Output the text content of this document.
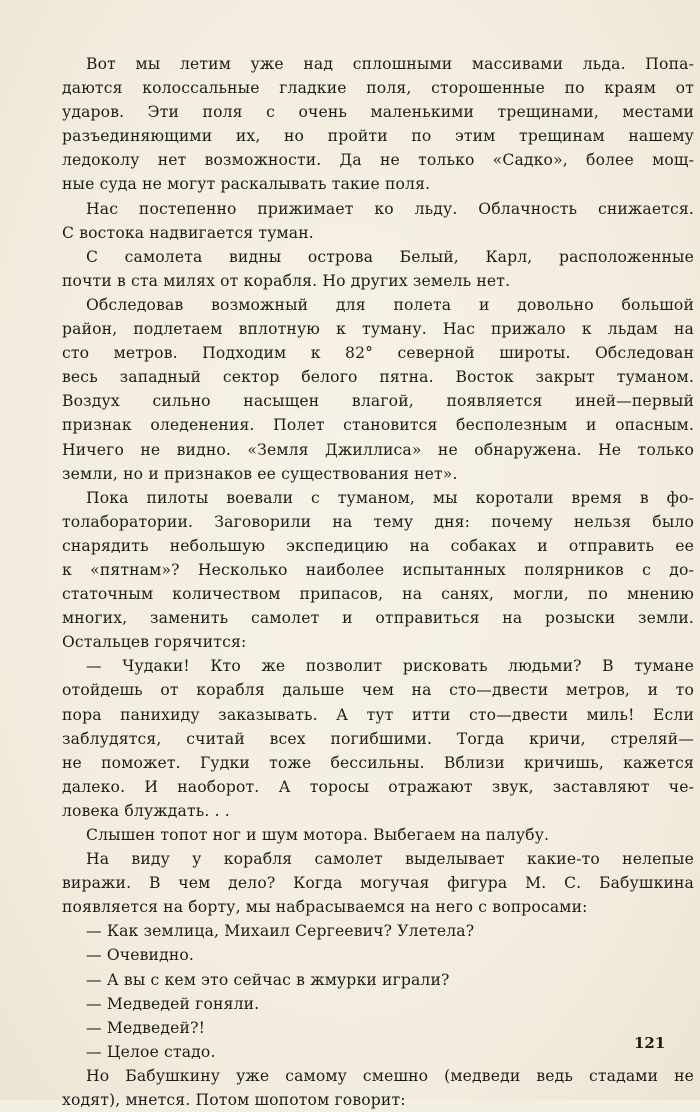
Вот мы летим уже над сплошными массивами льда. Попа-
даются колоссальные гладкие поля, сторошенные по краям от
ударов. Эти поля с очень маленькими трещинами, местами
разъединяющими их, но пройти по этим трещинам нашему
ледоколу нет возможности. Да не только «Садко», более мощ-
ные суда не могут раскалывать такие поля.
Нас постепенно прижимает ко льду. Облачность снижается.
С востока надвигается туман.
С самолета видны острова Белый, Карл, расположенные
почти в ста милях от корабля. Но других земель нет.
Обследовав возможный для полета и довольно большой
район, подлетаем вплотную к туману. Нас прижало к льдам на
сто метров. Подходим к 82° северной широты. Обследован
весь западный сектор белого пятна. Восток закрыт туманом.
Воздух сильно насыщен влагой, появляется иней—первый
признак оледенения. Полет становится бесполезным и опасным.
Ничего не видно. «Земля Джиллиса» не обнаружена. Не только
земли, но и признаков ее существования нет».
Пока пилоты воевали с туманом, мы коротали время в фо-
толаборатории. Заговорили на тему дня: почему нельзя было
снарядить небольшую экспедицию на собаках и отправить ее
к «пятнам»? Несколько наиболее испытанных полярников с до-
статочным количеством припасов, на санях, могли, по мнению
многих, заменить самолет и отправиться на розыски земли.
Остальцев горячится:
— Чудаки! Кто же позволит рисковать людьми? В тумане
отойдешь от корабля дальше чем на сто—двести метров, и то
пора панихиду заказывать. А тут итти сто—двести миль! Если
заблудятся, считай всех погибшими. Тогда кричи, стреляй—
не поможет. Гудки тоже бессильны. Вблизи кричишь, кажется
далеко. И наоборот. А торосы отражают звук, заставляют че-
ловека блуждать. . .
Слышен топот ног и шум мотора. Выбегаем на палубу.
На виду у корабля самолет выделывает какие-то нелепые
виражи. В чем дело? Когда могучая фигура М. С. Бабушкина
появляется на борту, мы набрасываемся на него с вопросами:
— Как землица, Михаил Сергеевич? Улетела?
— Очевидно.
— А вы с кем это сейчас в жмурки играли?
— Медведей гоняли.
— Медведей?!
— Целое стадо.
Но Бабушкину уже самому смешно (медведи ведь стадами не
ходят), мнется. Потом шопотом говорит:
121
